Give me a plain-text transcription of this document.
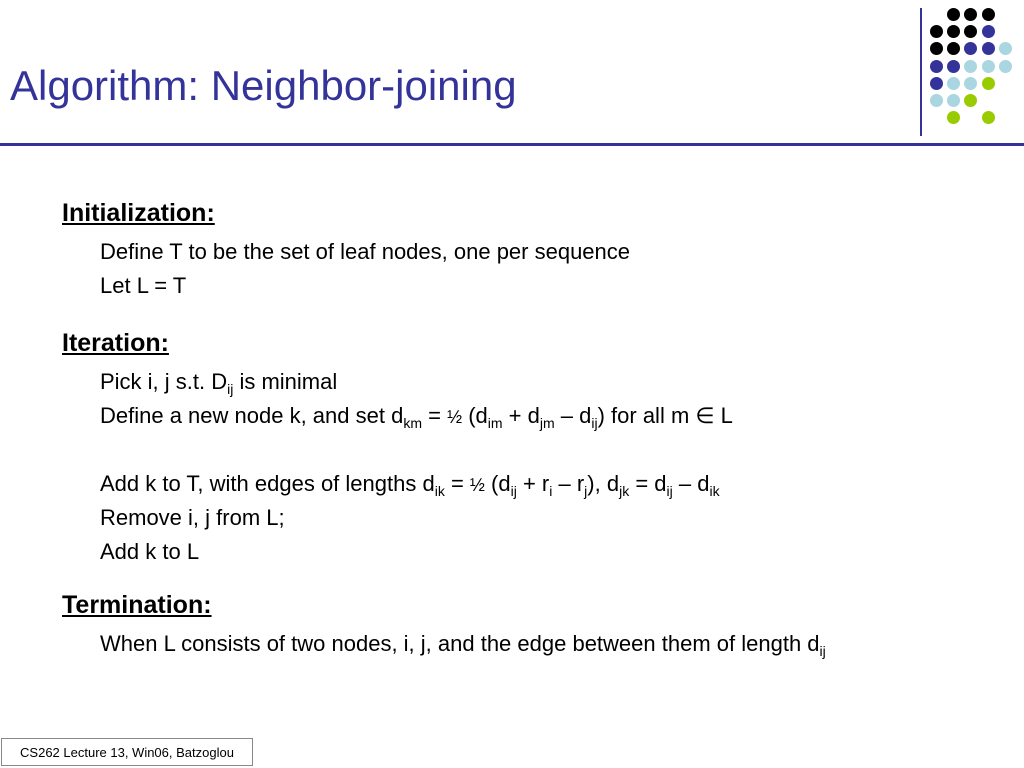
Algorithm: Neighbor-joining
Initialization:
Define T to be the set of leaf nodes, one per sequence
Let L = T
Iteration:
Pick i, j s.t. $D_{ij}$ is minimal
Define a new node k, and set $d_{km}$ = ½ $(d_{im} + d_{jm} - d_{ij})$ for all m ∈ L
Add k to T, with edges of lengths $d_{ik}$ = ½ $(d_{ij} + r_i - r_j)$, $d_{jk} = d_{ij} - d_{ik}$
Remove i, j from L;
Add k to L
Termination:
When L consists of two nodes, i, j, and the edge between them of length $d_{ij}$
CS262 Lecture 13, Win06, Batzoglou
